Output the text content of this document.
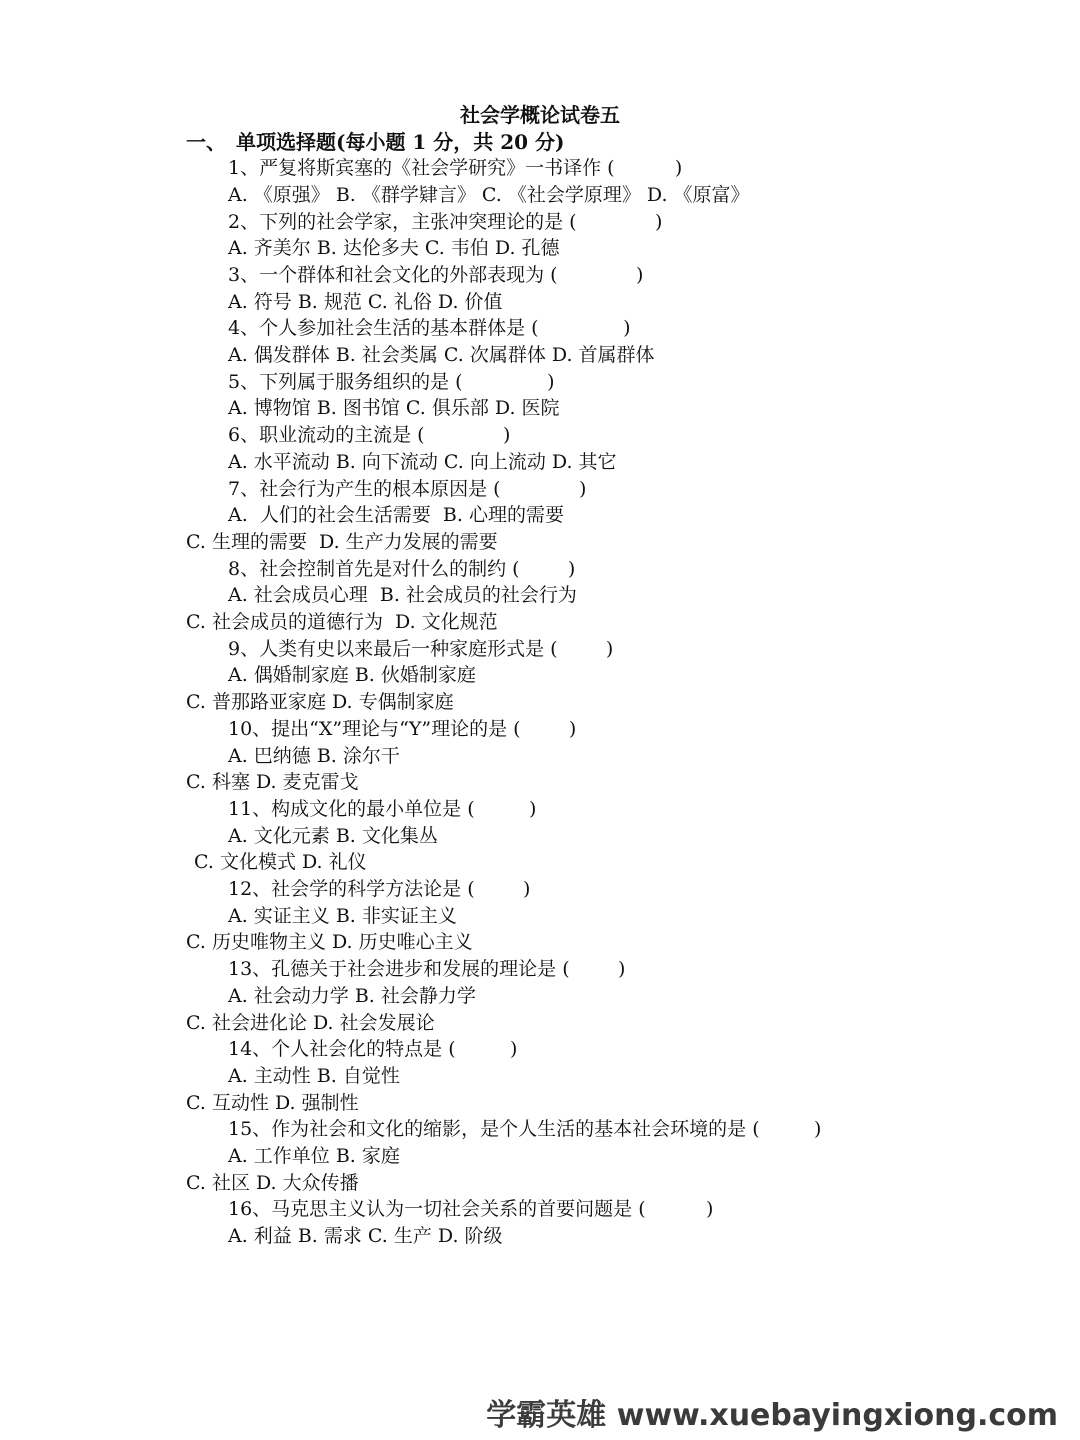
社会学概论试卷五
一、 单项选择题(每小题 1 分，共 20 分)
1、严复将斯宾塞的《社会学研究》一书译作 (          )
A. 《原强》 B. 《群学肄言》 C. 《社会学原理》 D. 《原富》
2、下列的社会学家，主张冲突理论的是 (             )
A. 齐美尔 B. 达伦多夫 C. 韦伯 D. 孔德
3、一个群体和社会文化的外部表现为 (             )
A. 符号 B. 规范 C. 礼俗 D. 价值
4、个人参加社会生活的基本群体是 (              )
A. 偶发群体 B. 社会类属 C. 次属群体 D. 首属群体
5、下列属于服务组织的是 (              )
A. 博物馆 B. 图书馆 C. 俱乐部 D. 医院
6、职业流动的主流是 (             )
A. 水平流动 B. 向下流动 C. 向上流动 D. 其它
7、社会行为产生的根本原因是 (             )
A.  人们的社会生活需要  B. 心理的需要
C. 生理的需要  D. 生产力发展的需要
8、社会控制首先是对什么的制约 (        )
A. 社会成员心理  B. 社会成员的社会行为
C. 社会成员的道德行为  D. 文化规范
9、人类有史以来最后一种家庭形式是 (        )
A. 偶婚制家庭 B. 伙婚制家庭
C. 普那路亚家庭 D. 专偶制家庭
10、提出“X”理论与“Y”理论的是 (        )
A. 巴纳德 B. 涂尔干
C. 科塞 D. 麦克雷戈
11、构成文化的最小单位是 (         )
A. 文化元素 B. 文化集丛
C. 文化模式 D. 礼仪
12、社会学的科学方法论是 (        )
A. 实证主义 B. 非实证主义
C. 历史唯物主义 D. 历史唯心主义
13、孔德关于社会进步和发展的理论是 (        )
A. 社会动力学 B. 社会静力学
C. 社会进化论 D. 社会发展论
14、个人社会化的特点是 (         )
A. 主动性 B. 自觉性
C. 互动性 D. 强制性
15、作为社会和文化的缩影，是个人生活的基本社会环境的是 (         )
A. 工作单位 B. 家庭
C. 社区 D. 大众传播
16、马克思主义认为一切社会关系的首要问题是 (          )
A. 利益 B. 需求 C. 生产 D. 阶级
学霸英雄 www.xuebayingxiong.com
